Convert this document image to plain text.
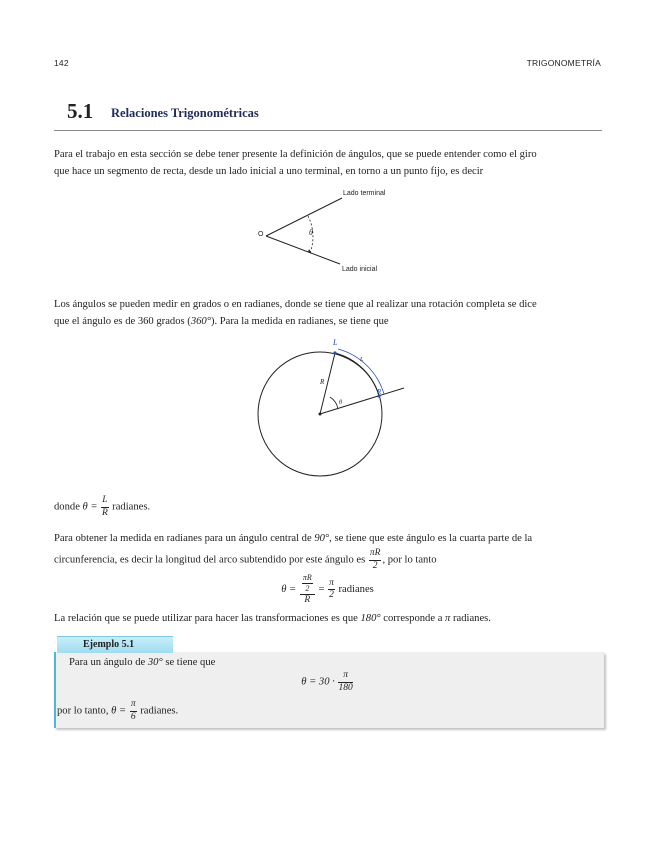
142	TRIGONOMETRÍA
5.1 Relaciones Trigonométricas
Para el trabajo en esta sección se debe tener presente la definición de ángulos, que se puede entender como el giro
que hace un segmento de recta, desde un lado inicial a uno terminal, en torno a un punto fijo, es decir
O
Lado terminal
Lado inicial
θ
Los ángulos se pueden medir en grados o en radianes, donde se tiene que al realizar una rotación completa se dice
que el ángulo es de 360 grados (360°). Para la medida en radianes, se tiene que
L
L
R
R
θ
donde $\theta = \frac{L}{R}$ radianes.
Para obtener la medida en radianes para un ángulo central de 90°, se tiene que este ángulo es la cuarta parte de la
circunferencia, es decir la longitud del arco subtendido por este ángulo es $\frac{\pi R}{2}$ , por lo tanto
$\theta = \frac{\frac{\pi R}{2}}{R} = \frac{\pi}{2}$ radianes
La relación que se puede utilizar para hacer las transformaciones es que 180° corresponde a π radianes.
Ejemplo 5.1
Para un ángulo de 30° se tiene que
$\theta = 30 \cdot \frac{\pi}{180}$
por lo tanto, $\theta = \frac{\pi}{6}$ radianes.
